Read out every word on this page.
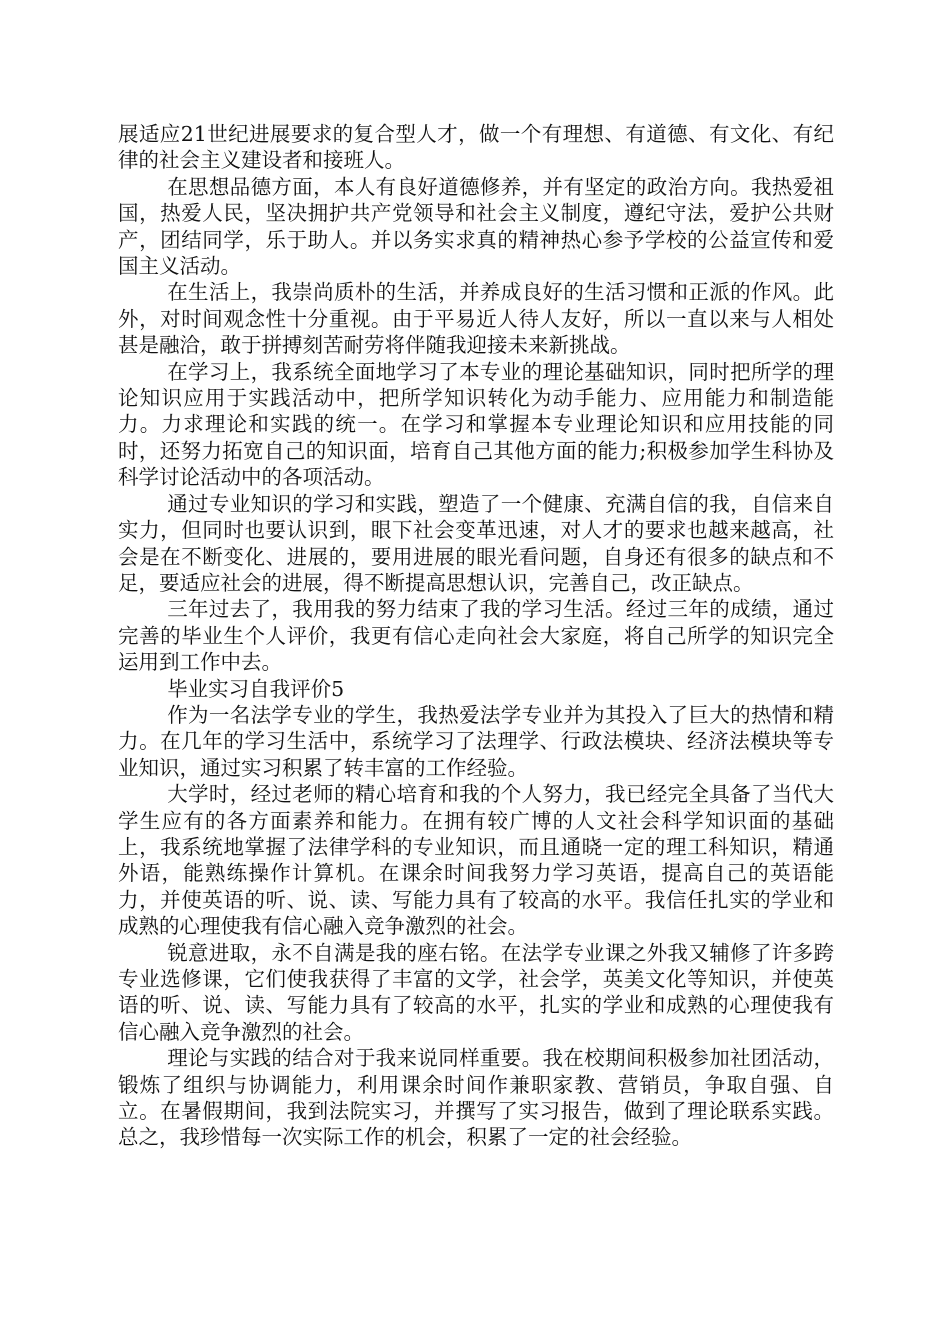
展适应21世纪进展要求的复合型人才，做一个有理想、有道德、有文化、有纪律的社会主义建设者和接班人。

在思想品德方面，本人有良好道德修养，并有坚定的政治方向。我热爱祖国，热爱人民，坚决拥护共产党领导和社会主义制度，遵纪守法，爱护公共财产，团结同学，乐于助人。并以务实求真的精神热心参予学校的公益宣传和爱国主义活动。

在生活上，我崇尚质朴的生活，并养成良好的生活习惯和正派的作风。此外，对时间观念性十分重视。由于平易近人待人友好，所以一直以来与人相处甚是融洽，敢于拼搏刻苦耐劳将伴随我迎接未来新挑战。

在学习上，我系统全面地学习了本专业的理论基础知识，同时把所学的理论知识应用于实践活动中，把所学知识转化为动手能力、应用能力和制造能力。力求理论和实践的统一。在学习和掌握本专业理论知识和应用技能的同时，还努力拓宽自己的知识面，培育自己其他方面的能力;积极参加学生科协及科学讨论活动中的各项活动。

通过专业知识的学习和实践，塑造了一个健康、充满自信的我，自信来自实力，但同时也要认识到，眼下社会变革迅速，对人才的要求也越来越高，社会是在不断变化、进展的，要用进展的眼光看问题，自身还有很多的缺点和不足，要适应社会的进展，得不断提高思想认识，完善自己，改正缺点。

三年过去了，我用我的努力结束了我的学习生活。经过三年的成绩，通过完善的毕业生个人评价，我更有信心走向社会大家庭，将自己所学的知识完全运用到工作中去。

毕业实习自我评价5

作为一名法学专业的学生，我热爱法学专业并为其投入了巨大的热情和精力。在几年的学习生活中，系统学习了法理学、行政法模块、经济法模块等专业知识，通过实习积累了转丰富的工作经验。

大学时，经过老师的精心培育和我的个人努力，我已经完全具备了当代大学生应有的各方面素养和能力。在拥有较广博的人文社会科学知识面的基础上，我系统地掌握了法律学科的专业知识，而且通晓一定的理工科知识，精通外语，能熟练操作计算机。在课余时间我努力学习英语，提高自己的英语能力，并使英语的听、说、读、写能力具有了较高的水平。我信任扎实的学业和成熟的心理使我有信心融入竞争激烈的社会。

锐意进取，永不自满是我的座右铭。在法学专业课之外我又辅修了许多跨专业选修课，它们使我获得了丰富的文学，社会学，英美文化等知识，并使英语的听、说、读、写能力具有了较高的水平，扎实的学业和成熟的心理使我有信心融入竞争激烈的社会。

理论与实践的结合对于我来说同样重要。我在校期间积极参加社团活动，锻炼了组织与协调能力，利用课余时间作兼职家教、营销员，争取自强、自立。在暑假期间，我到法院实习，并撰写了实习报告，做到了理论联系实践。总之，我珍惜每一次实际工作的机会，积累了一定的社会经验。
